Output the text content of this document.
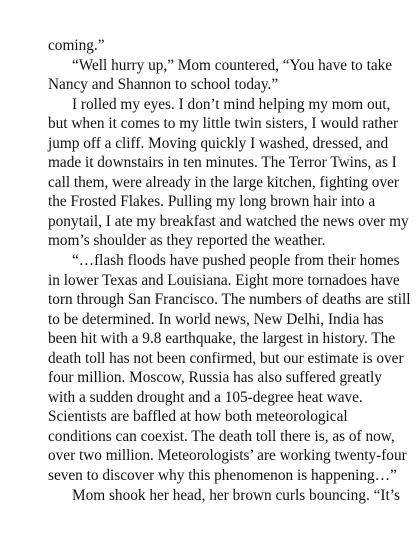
coming.”
“Well hurry up,” Mom countered, “You have to take
Nancy and Shannon to school today.”
I rolled my eyes. I don’t mind helping my mom out,
but when it comes to my little twin sisters, I would rather
jump off a cliff. Moving quickly I washed, dressed, and
made it downstairs in ten minutes. The Terror Twins, as I
call them, were already in the large kitchen, fighting over
the Frosted Flakes. Pulling my long brown hair into a
ponytail, I ate my breakfast and watched the news over my
mom’s shoulder as they reported the weather.
“…flash floods have pushed people from their homes
in lower Texas and Louisiana. Eight more tornadoes have
torn through San Francisco. The numbers of deaths are still
to be determined. In world news, New Delhi, India has
been hit with a 9.8 earthquake, the largest in history. The
death toll has not been confirmed, but our estimate is over
four million. Moscow, Russia has also suffered greatly
with a sudden drought and a 105-degree heat wave.
Scientists are baffled at how both meteorological
conditions can coexist. The death toll there is, as of now,
over two million. Meteorologists’ are working twenty-four
seven to discover why this phenomenon is happening…”
Mom shook her head, her brown curls bouncing. “It’s
